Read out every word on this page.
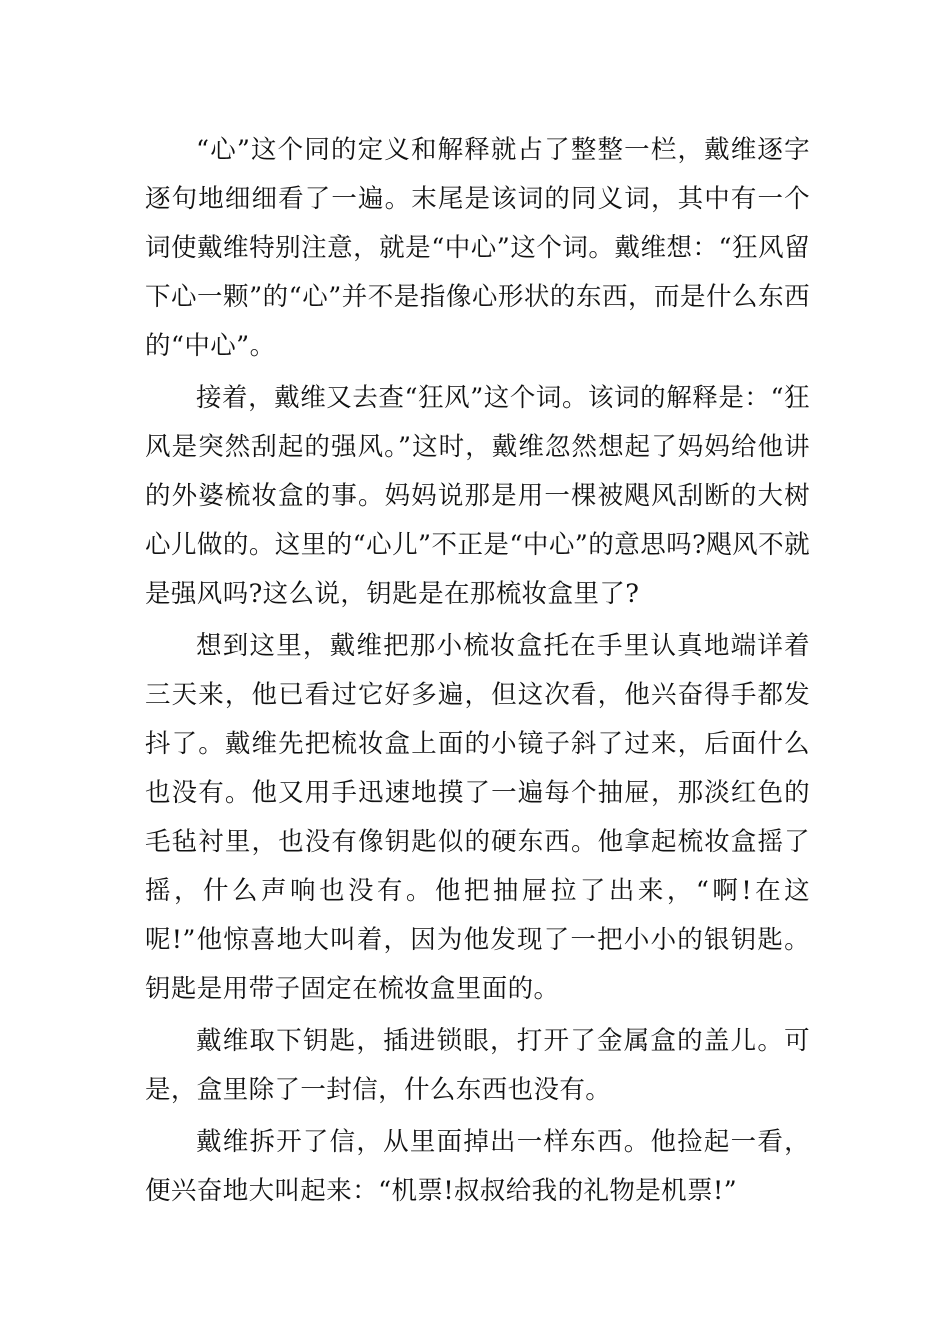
“心”这个同的定义和解释就占了整整一栏，戴维逐字逐句地细细看了一遍。末尾是该词的同义词，其中有一个词使戴维特别注意，就是“中心”这个词。戴维想：“狂风留下心一颗”的“心”并不是指像心形状的东西，而是什么东西的“中心”。

接着，戴维又去查“狂风”这个词。该词的解释是：“狂风是突然刮起的强风。”这时，戴维忽然想起了妈妈给他讲的外婆梳妆盒的事。妈妈说那是用一棵被飓风刮断的大树心儿做的。这里的“心儿”不正是“中心”的意思吗?飓风不就是强风吗?这么说，钥匙是在那梳妆盒里了?

想到这里，戴维把那小梳妆盒托在手里认真地端详着三天来，他已看过它好多遍，但这次看，他兴奋得手都发抖了。戴维先把梳妆盒上面的小镜子斜了过来，后面什么也没有。他又用手迅速地摸了一遍每个抽屉，那淡红色的毛毡衬里，也没有像钥匙似的硬东西。他拿起梳妆盒摇了摇，什么声响也没有。他把抽屉拉了出来，“啊!在这呢!”他惊喜地大叫着，因为他发现了一把小小的银钥匙。钥匙是用带子固定在梳妆盒里面的。

戴维取下钥匙，插进锁眼，打开了金属盒的盖儿。可是，盒里除了一封信，什么东西也没有。

戴维拆开了信，从里面掉出一样东西。他捡起一看，便兴奋地大叫起来：“机票!叔叔给我的礼物是机票!”
